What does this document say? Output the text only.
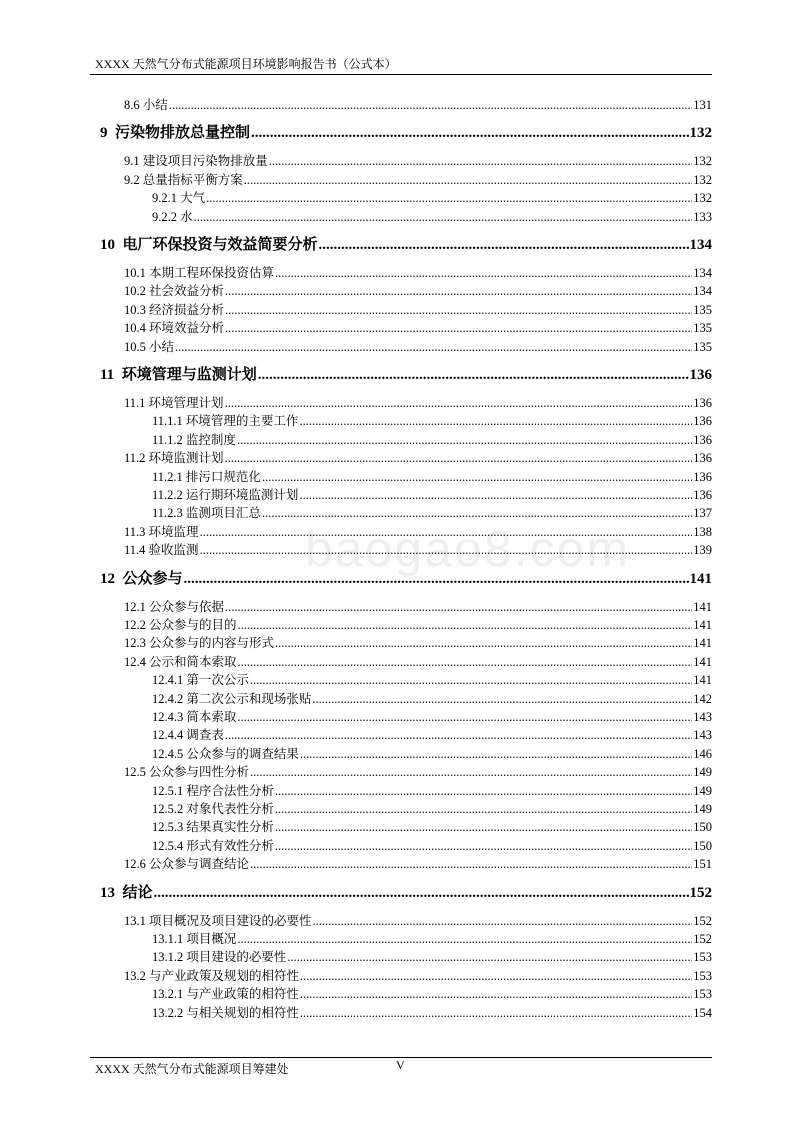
XXXX 天然气分布式能源项目环境影响报告书（公式本）
baogao8.com
8.6 小结 .....	131
9 污染物排放总量控制 .....	132
9.1 建设项目污染物排放量 .....	132
9.2 总量指标平衡方案 .....	132
9.2.1 大气 .....	132
9.2.2 水 .....	133
10 电厂环保投资与效益简要分析 .....	134
10.1 本期工程环保投资估算 .....	134
10.2 社会效益分析 .....	134
10.3 经济损益分析 .....	135
10.4 环境效益分析 .....	135
10.5 小结 .....	135
11 环境管理与监测计划 .....	136
11.1 环境管理计划 .....	136
11.1.1 环境管理的主要工作 .....	136
11.1.2 监控制度 .....	136
11.2 环境监测计划 .....	136
11.2.1 排污口规范化 .....	136
11.2.2 运行期环境监测计划 .....	136
11.2.3 监测项目汇总 .....	137
11.3 环境监理 .....	138
11.4 验收监测 .....	139
12 公众参与 .....	141
12.1 公众参与依据 .....	141
12.2 公众参与的目的 .....	141
12.3 公众参与的内容与形式 .....	141
12.4 公示和简本索取 .....	141
12.4.1 第一次公示 .....	141
12.4.2 第二次公示和现场张贴 .....	142
12.4.3 简本索取 .....	143
12.4.4 调查表 .....	143
12.4.5 公众参与的调查结果 .....	146
12.5 公众参与四性分析 .....	149
12.5.1 程序合法性分析 .....	149
12.5.2 对象代表性分析 .....	149
12.5.3 结果真实性分析 .....	150
12.5.4 形式有效性分析 .....	150
12.6 公众参与调查结论 .....	151
13 结论 .....	152
13.1 项目概况及项目建设的必要性 .....	152
13.1.1 项目概况 .....	152
13.1.2 项目建设的必要性 .....	153
13.2 与产业政策及规划的相符性 .....	153
13.2.1 与产业政策的相符性 .....	153
13.2.2 与相关规划的相符性 .....	154
XXXX 天然气分布式能源项目筹建处	V
